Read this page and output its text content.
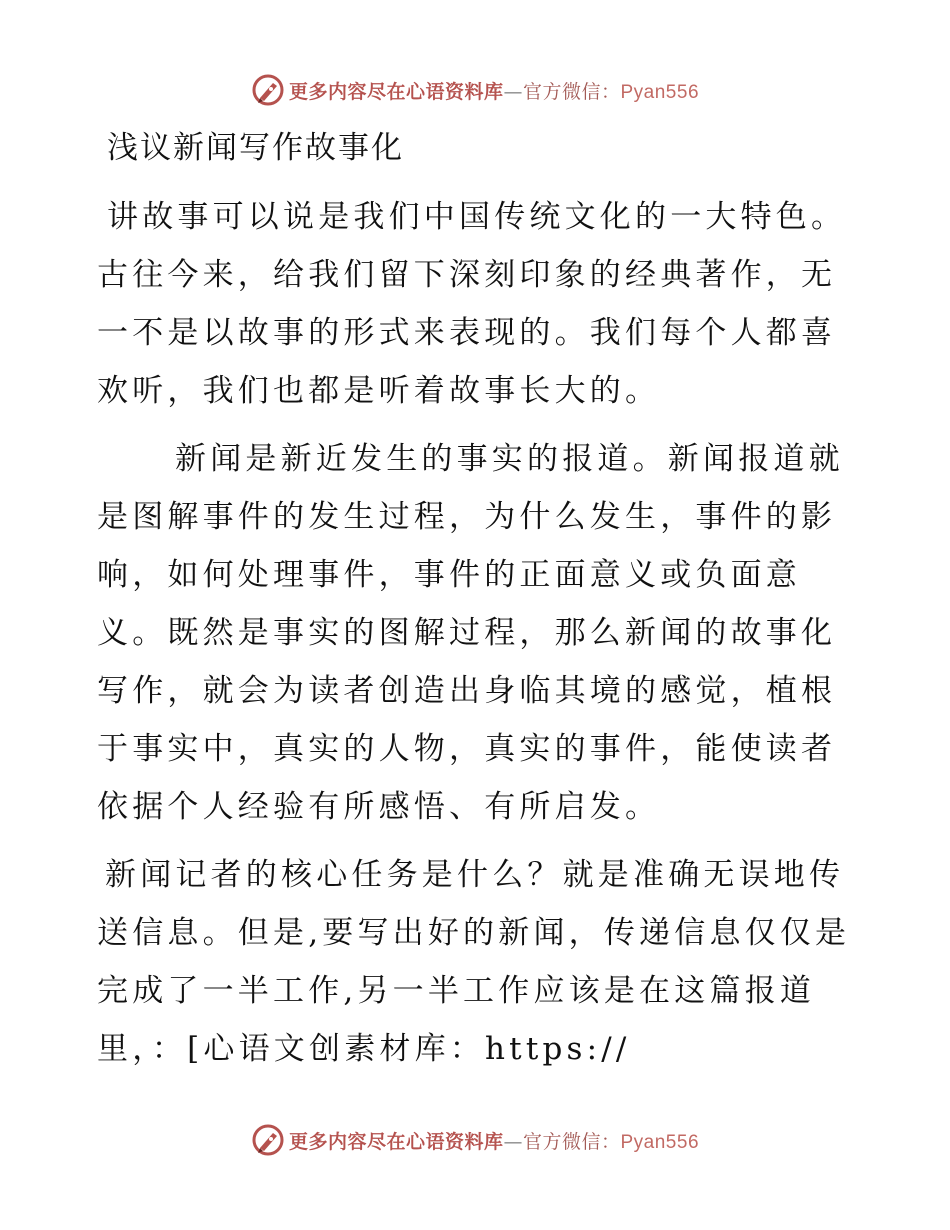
更多内容尽在心语资料库—官方微信：Pyan556
浅议新闻写作故事化

讲故事可以说是我们中国传统文化的一大特色。古往今来，给我们留下深刻印象的经典著作，无一不是以故事的形式来表现的。我们每个人都喜欢听，我们也都是听着故事长大的。

新闻是新近发生的事实的报道。新闻报道就是图解事件的发生过程，为什么发生，事件的影响，如何处理事件，事件的正面意义或负面意义。既然是事实的图解过程，那么新闻的故事化写作，就会为读者创造出身临其境的感觉，植根于事实中，真实的人物，真实的事件，能使读者依据个人经验有所感悟、有所启发。

新闻记者的核心任务是什么？就是准确无误地传送信息。但是,要写出好的新闻，传递信息仅仅是完成了一半工作,另一半工作应该是在这篇报道里，：[心语文创素材库：https://

更多内容尽在心语资料库—官方微信：Pyan556
